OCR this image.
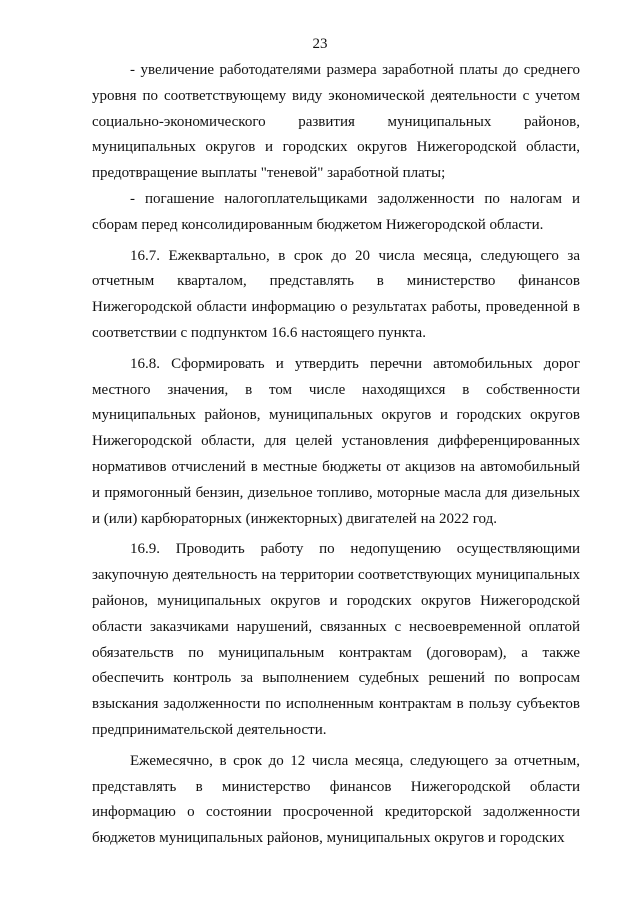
23

- увеличение работодателями размера заработной платы до среднего уровня по соответствующему виду экономической деятельности с учетом социально-экономического развития муниципальных районов, муниципальных округов и городских округов Нижегородской области, предотвращение выплаты "теневой" заработной платы;

- погашение налогоплательщиками задолженности по налогам и сборам перед консолидированным бюджетом Нижегородской области.

16.7. Ежеквартально, в срок до 20 числа месяца, следующего за отчетным кварталом, представлять в министерство финансов Нижегородской области информацию о результатах работы, проведенной в соответствии с подпунктом 16.6 настоящего пункта.

16.8. Сформировать и утвердить перечни автомобильных дорог местного значения, в том числе находящихся в собственности муниципальных районов, муниципальных округов и городских округов Нижегородской области, для целей установления дифференцированных нормативов отчислений в местные бюджеты от акцизов на автомобильный и прямогонный бензин, дизельное топливо, моторные масла для дизельных и (или) карбюраторных (инжекторных) двигателей на 2022 год.

16.9. Проводить работу по недопущению осуществляющими закупочную деятельность на территории соответствующих муниципальных районов, муниципальных округов и городских округов Нижегородской области заказчиками нарушений, связанных с несвоевременной оплатой обязательств по муниципальным контрактам (договорам), а также обеспечить контроль за выполнением судебных решений по вопросам взыскания задолженности по исполненным контрактам в пользу субъектов предпринимательской деятельности.

Ежемесячно, в срок до 12 числа месяца, следующего за отчетным, представлять в министерство финансов Нижегородской области информацию о состоянии просроченной кредиторской задолженности бюджетов муниципальных районов, муниципальных округов и городских
